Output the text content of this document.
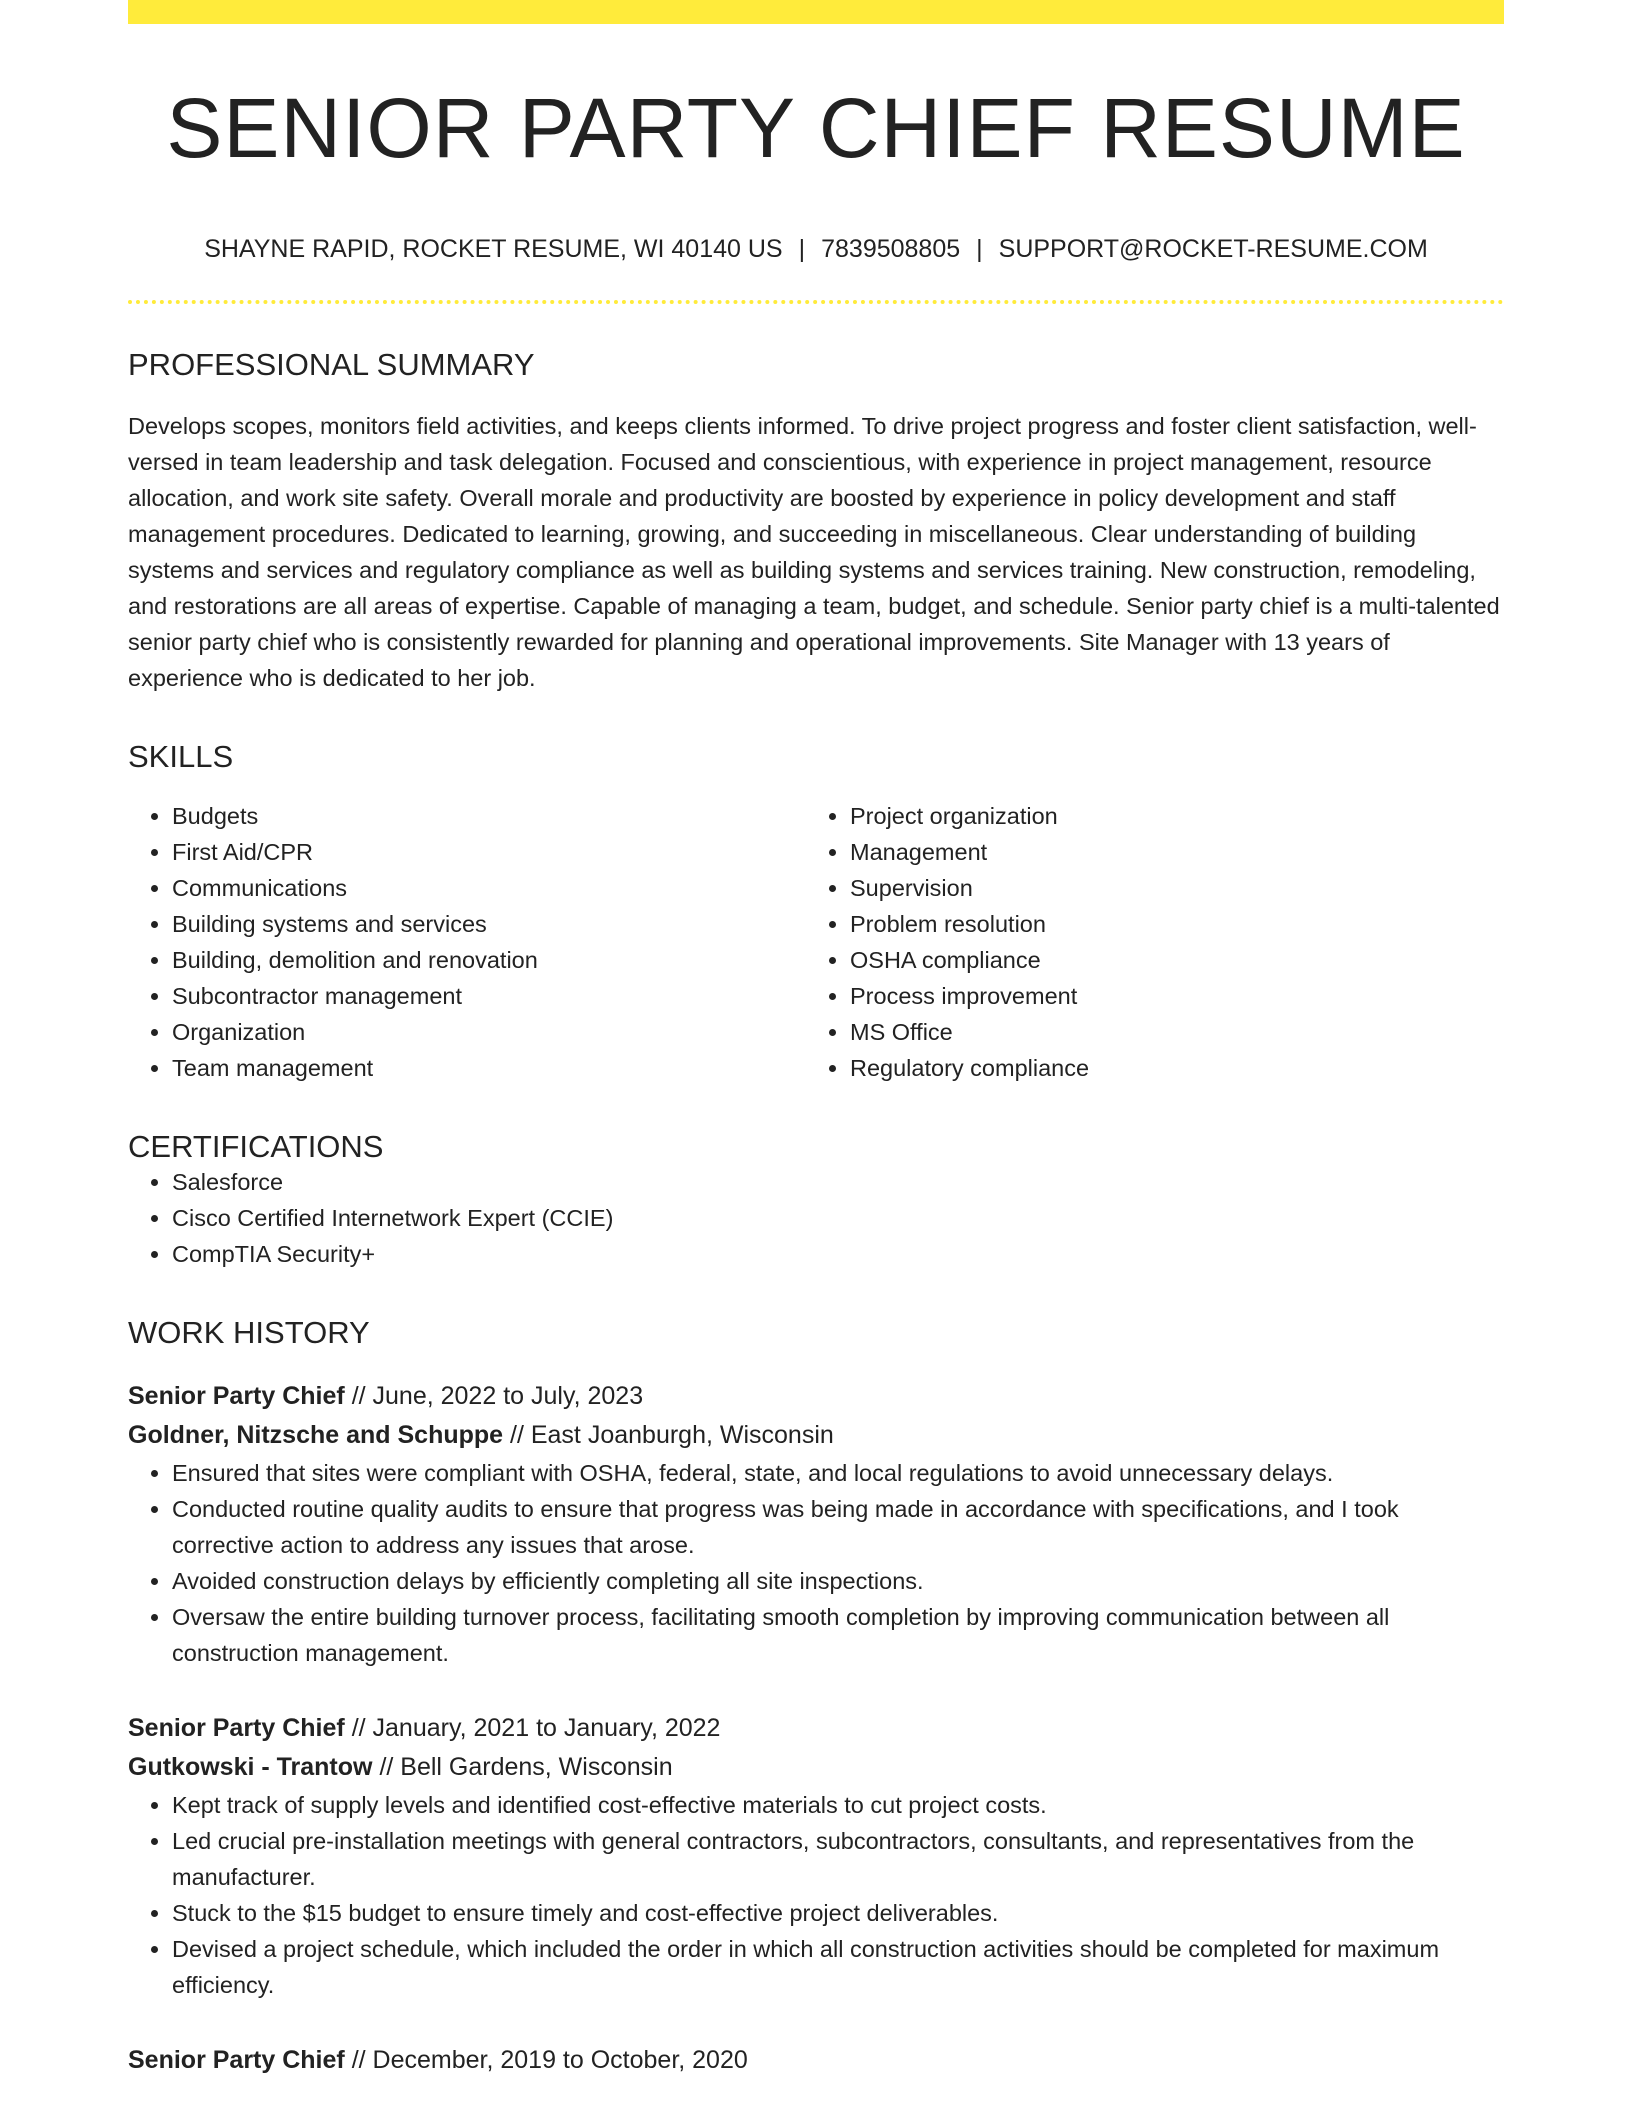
SENIOR PARTY CHIEF RESUME
SHAYNE RAPID, ROCKET RESUME, WI 40140 US | 7839508805 | SUPPORT@ROCKET-RESUME.COM
PROFESSIONAL SUMMARY

Develops scopes, monitors field activities, and keeps clients informed. To drive project progress and foster client satisfaction, well-versed in team leadership and task delegation. Focused and conscientious, with experience in project management, resource allocation, and work site safety. Overall morale and productivity are boosted by experience in policy development and staff management procedures. Dedicated to learning, growing, and succeeding in miscellaneous. Clear understanding of building systems and services and regulatory compliance as well as building systems and services training. New construction, remodeling, and restorations are all areas of expertise. Capable of managing a team, budget, and schedule. Senior party chief is a multi-talented senior party chief who is consistently rewarded for planning and operational improvements. Site Manager with 13 years of experience who is dedicated to her job.

SKILLS
• Budgets
• First Aid/CPR
• Communications
• Building systems and services
• Building, demolition and renovation
• Subcontractor management
• Organization
• Team management
• Project organization
• Management
• Supervision
• Problem resolution
• OSHA compliance
• Process improvement
• MS Office
• Regulatory compliance
CERTIFICATIONS
• Salesforce
• Cisco Certified Internetwork Expert (CCIE)
• CompTIA Security+
WORK HISTORY
Senior Party Chief // June, 2022 to July, 2023
Goldner, Nitzsche and Schuppe // East Joanburgh, Wisconsin
• Ensured that sites were compliant with OSHA, federal, state, and local regulations to avoid unnecessary delays.
• Conducted routine quality audits to ensure that progress was being made in accordance with specifications, and I took corrective action to address any issues that arose.
• Avoided construction delays by efficiently completing all site inspections.
• Oversaw the entire building turnover process, facilitating smooth completion by improving communication between all construction management.
Senior Party Chief // January, 2021 to January, 2022
Gutkowski - Trantow // Bell Gardens, Wisconsin
• Kept track of supply levels and identified cost-effective materials to cut project costs.
• Led crucial pre-installation meetings with general contractors, subcontractors, consultants, and representatives from the manufacturer.
• Stuck to the $15 budget to ensure timely and cost-effective project deliverables.
• Devised a project schedule, which included the order in which all construction activities should be completed for maximum efficiency.
Senior Party Chief // December, 2019 to October, 2020
